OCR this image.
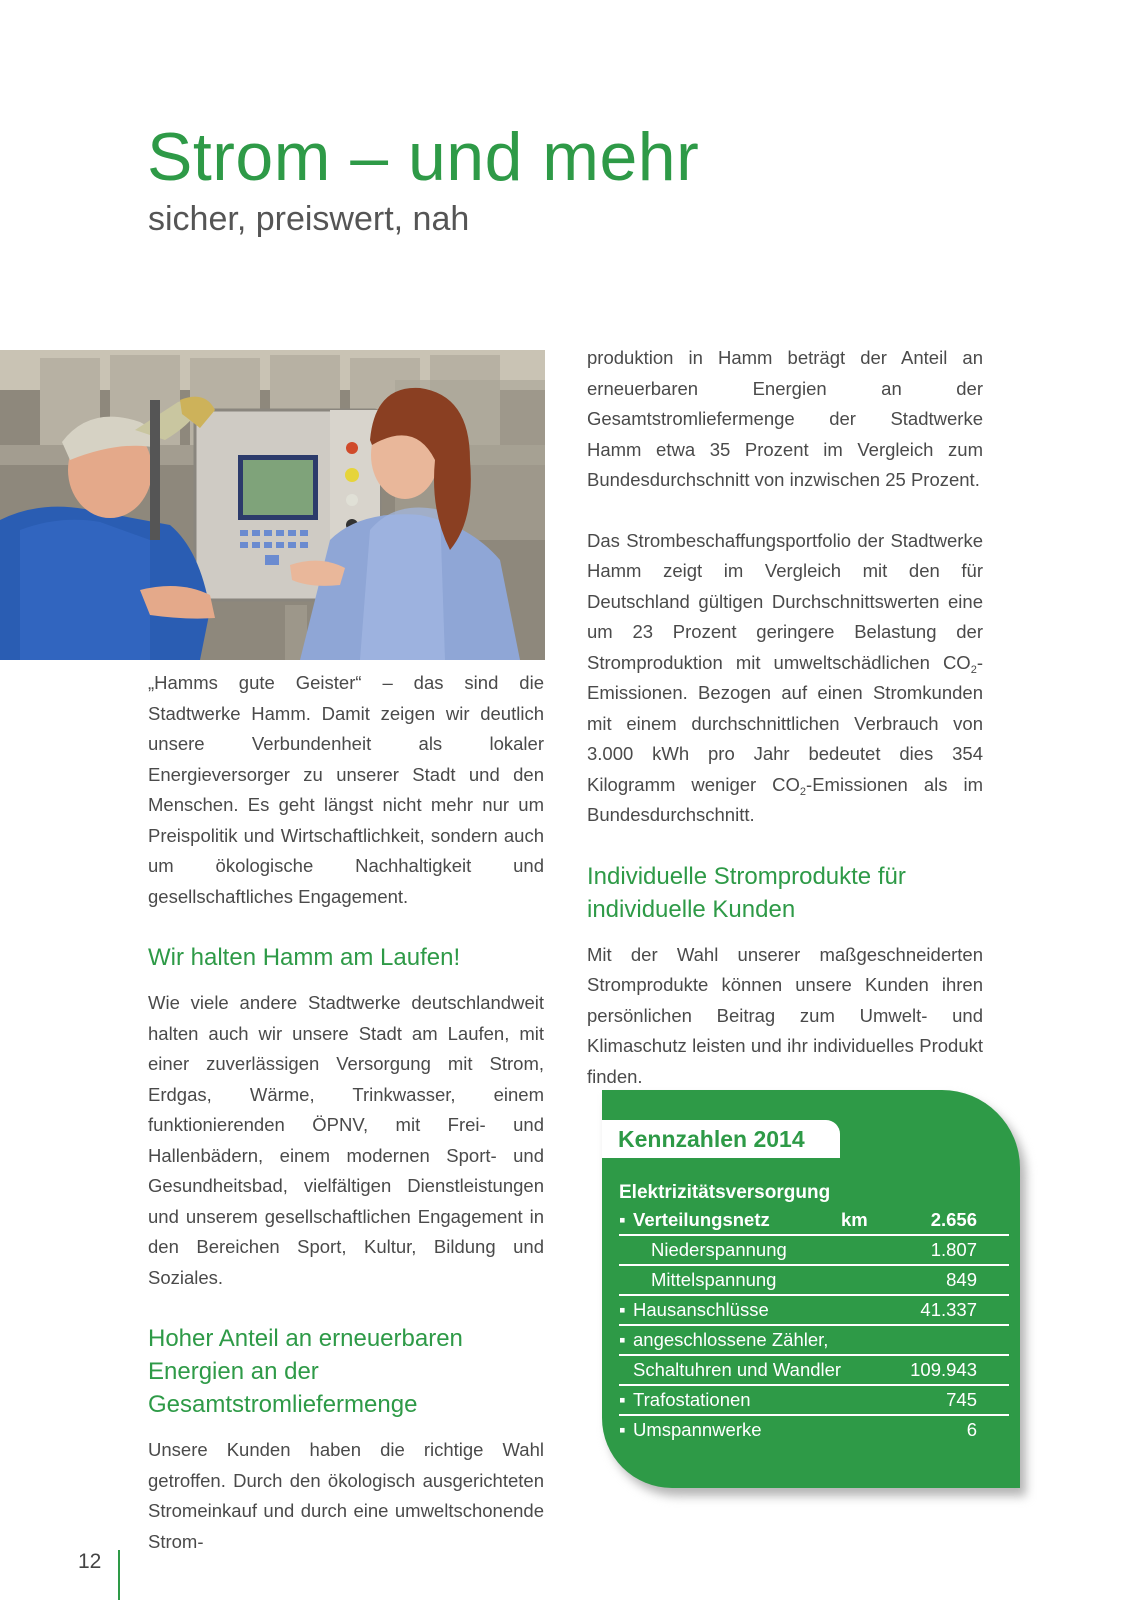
Strom – und mehr
sicher, preiswert, nah

„Hamms gute Geister“ – das sind die Stadtwerke Hamm. Damit zeigen wir deutlich unsere Verbundenheit als lokaler Energieversorger zu unserer Stadt und den Menschen. Es geht längst nicht mehr nur um Preispolitik und Wirtschaftlichkeit, sondern auch um ökologische Nachhaltigkeit und gesellschaftliches Engagement.

Wir halten Hamm am Laufen!

Wie viele andere Stadtwerke deutschlandweit halten auch wir unsere Stadt am Laufen, mit einer zuverlässigen Versorgung mit Strom, Erdgas, Wärme, Trinkwasser, einem funktionierenden ÖPNV, mit Frei- und Hallenbädern, einem modernen Sport- und Gesundheitsbad, vielfältigen Dienstleistungen und unserem gesellschaftlichen Engagement in den Bereichen Sport, Kultur, Bildung und Soziales.

Hoher Anteil an erneuerbaren Energien an der Gesamtstromliefermenge

Unsere Kunden haben die richtige Wahl getroffen. Durch den ökologisch ausgerichteten Stromeinkauf und durch eine umweltschonende Strom-

produktion in Hamm beträgt der Anteil an erneuerbaren Energien an der Gesamtstromliefermenge der Stadtwerke Hamm etwa 35 Prozent im Vergleich zum Bundesdurchschnitt von inzwischen 25 Prozent.

Das Strombeschaffungsportfolio der Stadtwerke Hamm zeigt im Vergleich mit den für Deutschland gültigen Durchschnittswerten eine um 23 Prozent geringere Belastung der Stromproduktion mit umweltschädlichen $CO_2$-Emissionen. Bezogen auf einen Stromkunden mit einem durchschnittlichen Verbrauch von 3.000 kWh pro Jahr bedeutet dies 354 Kilogramm weniger $CO_2$-Emissionen als im Bundesdurchschnitt.

Individuelle Stromprodukte für individuelle Kunden

Mit der Wahl unserer maßgeschneiderten Stromprodukte können unsere Kunden ihren persönlichen Beitrag zum Umwelt- und Klimaschutz leisten und ihr individuelles Produkt finden.

Kennzahlen 2014
Elektrizitätsversorgung
▪ Verteilungsnetz	km	2.656
Niederspannung	1.807
Mittelspannung	849
▪ Hausanschlüsse	41.337
▪ angeschlossene Zähler,
Schaltuhren und Wandler	109.943
▪ Trafostationen	745
▪ Umspannwerke	6
12
